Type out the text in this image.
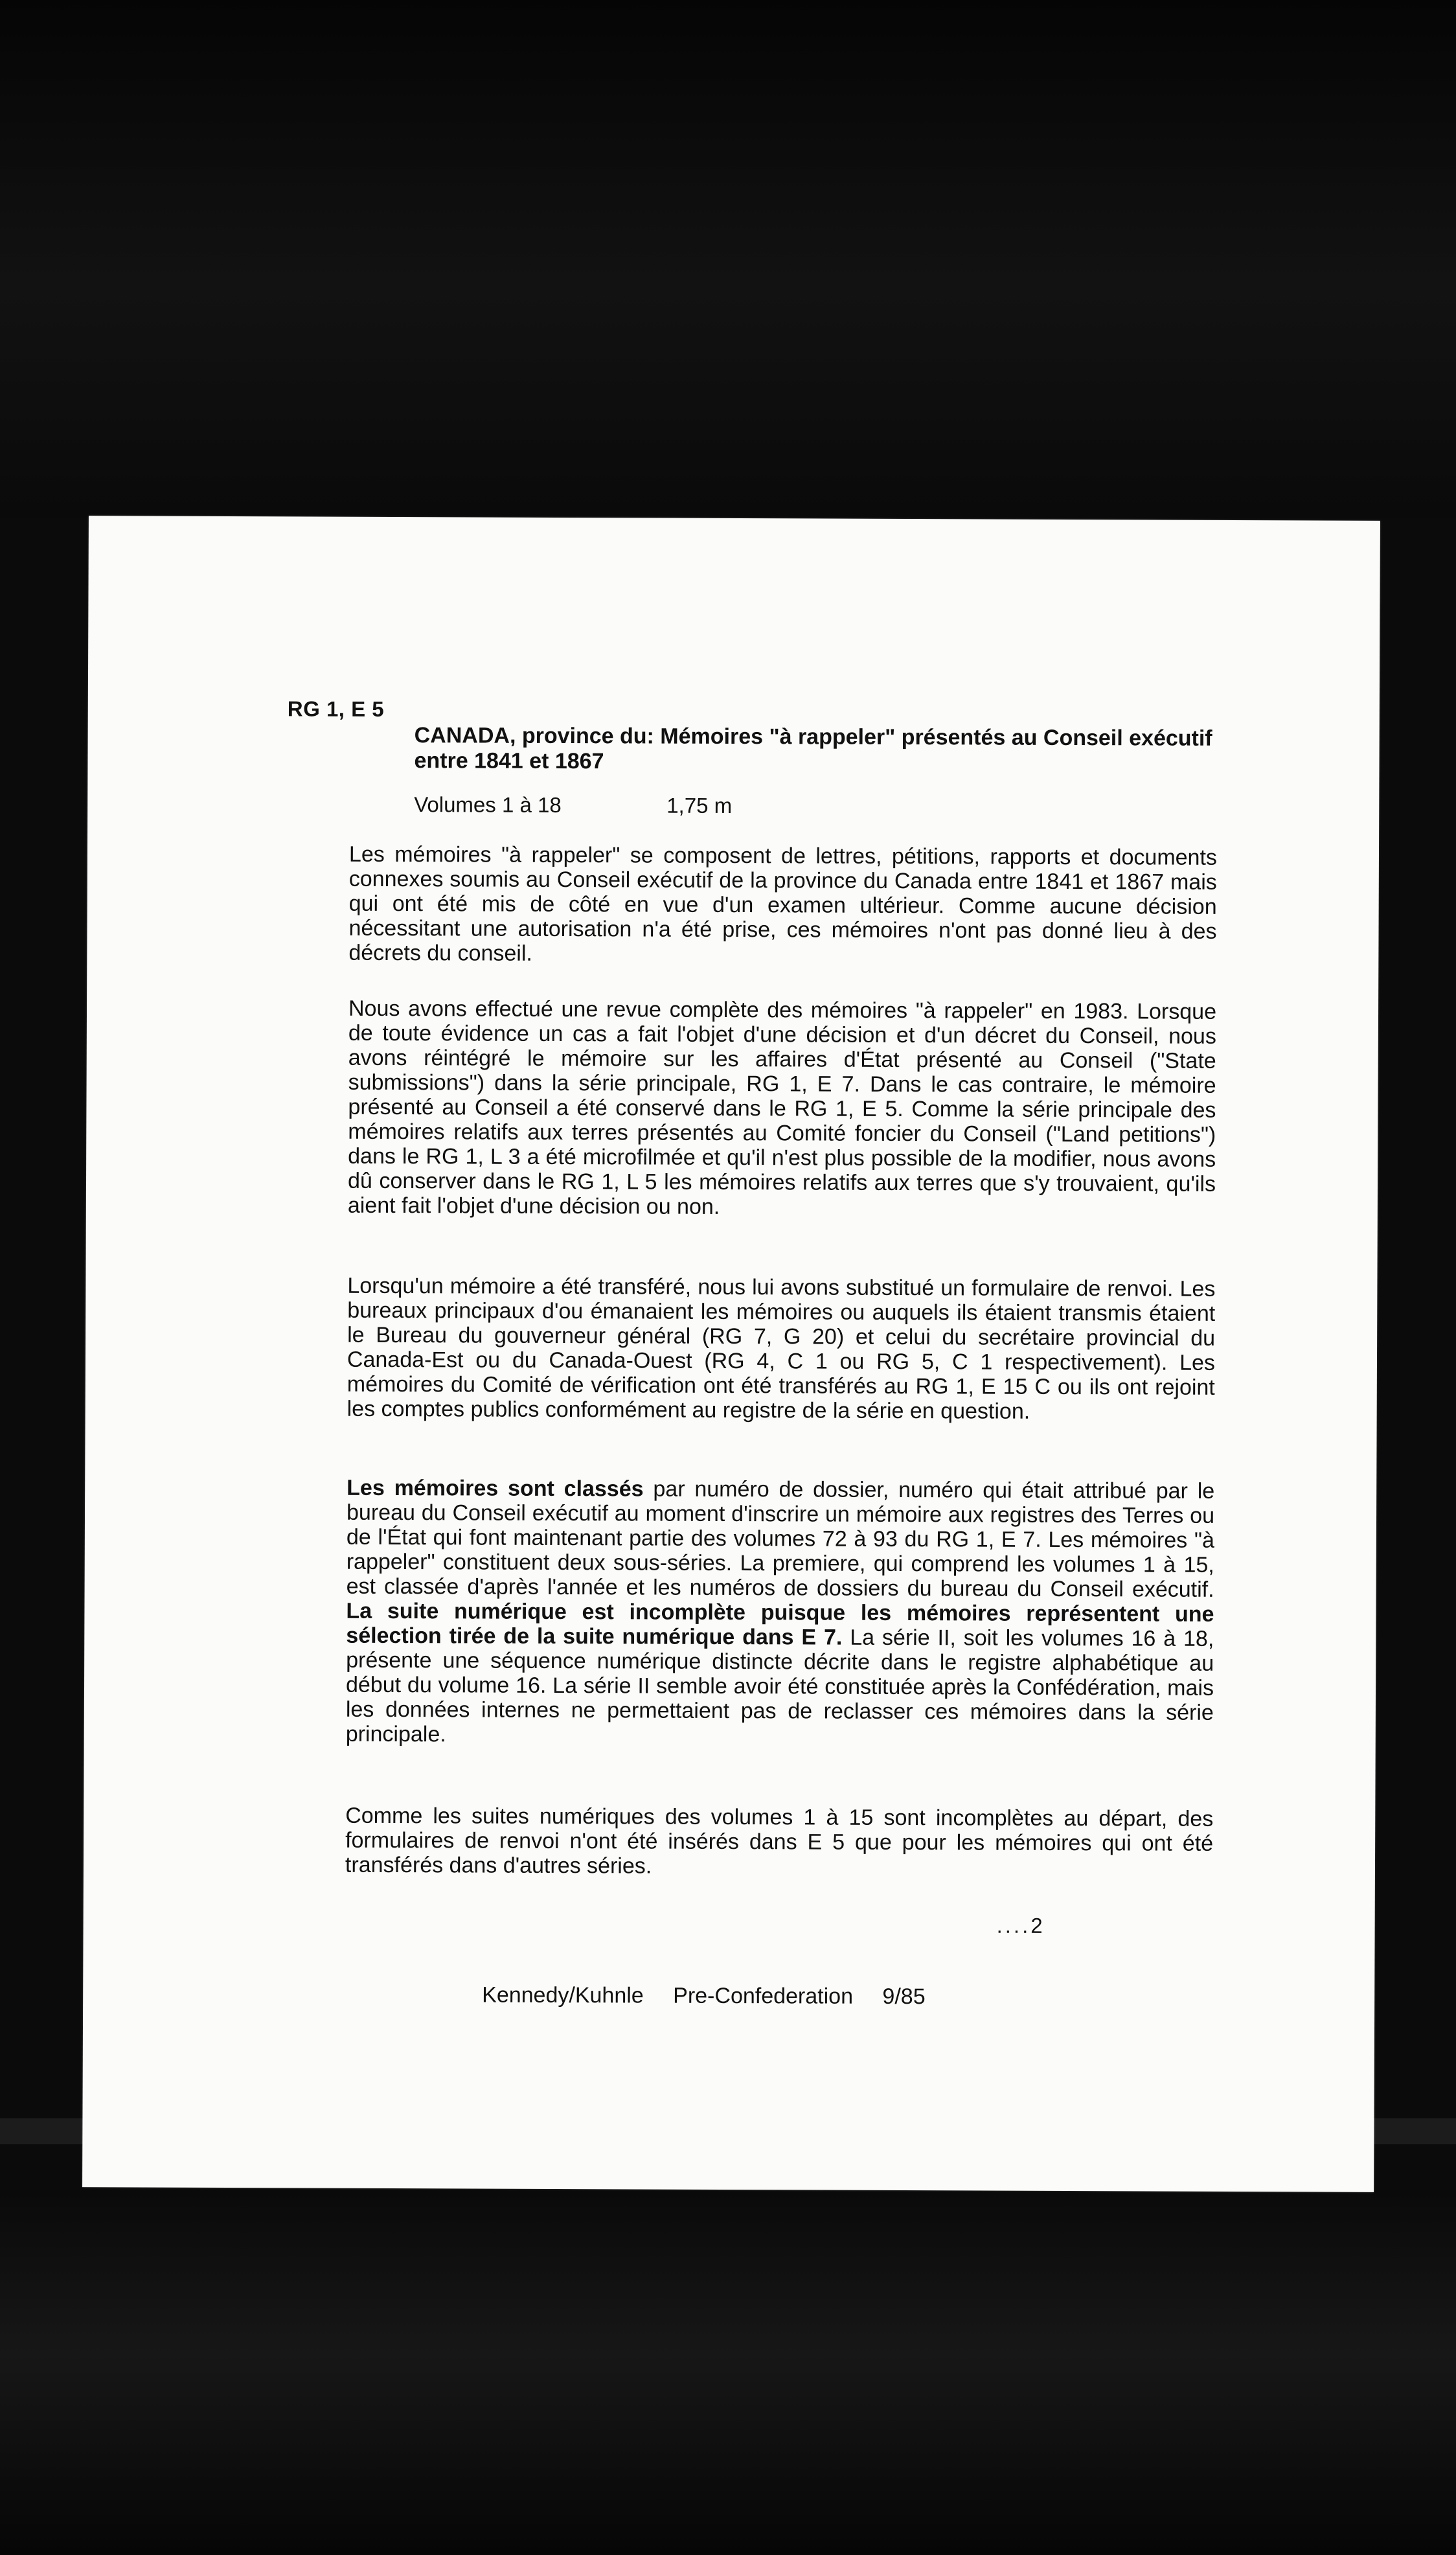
RG 1, E 5
CANADA, province du: Mémoires "à rappeler" présentés au Conseil exécutif entre 1841 et 1867
Volumes 1 à 18	1,75 m

Les mémoires "à rappeler" se composent de lettres, pétitions, rapports et documents connexes soumis au Conseil exécutif de la province du Canada entre 1841 et 1867 mais qui ont été mis de côté en vue d'un examen ultérieur. Comme aucune décision nécessitant une autorisation n'a été prise, ces mémoires n'ont pas donné lieu à des décrets du conseil.

Nous avons effectué une revue complète des mémoires "à rappeler" en 1983. Lorsque de toute évidence un cas a fait l'objet d'une décision et d'un décret du Conseil, nous avons réintégré le mémoire sur les affaires d'État présenté au Conseil ("State submissions") dans la série principale, RG 1, E 7. Dans le cas contraire, le mémoire présenté au Conseil a été conservé dans le RG 1, E 5. Comme la série principale des mémoires relatifs aux terres présentés au Comité foncier du Conseil ("Land petitions") dans le RG 1, L 3 a été microfilmée et qu'il n'est plus possible de la modifier, nous avons dû conserver dans le RG 1, L 5 les mémoires relatifs aux terres que s'y trouvaient, qu'ils aient fait l'objet d'une décision ou non.

Lorsqu'un mémoire a été transféré, nous lui avons substitué un formulaire de renvoi. Les bureaux principaux d'ou émanaient les mémoires ou auquels ils étaient transmis étaient le Bureau du gouverneur général (RG 7, G 20) et celui du secrétaire provincial du Canada-Est ou du Canada-Ouest (RG 4, C 1 ou RG 5, C 1 respectivement). Les mémoires du Comité de vérification ont été transférés au RG 1, E 15 C ou ils ont rejoint les comptes publics conformément au registre de la série en question.

Les mémoires sont classés par numéro de dossier, numéro qui était attribué par le bureau du Conseil exécutif au moment d'inscrire un mémoire aux registres des Terres ou de l'État qui font maintenant partie des volumes 72 à 93 du RG 1, E 7. Les mémoires "à rappeler" constituent deux sous-séries. La premiere, qui comprend les volumes 1 à 15, est classée d'après l'année et les numéros de dossiers du bureau du Conseil exécutif. La suite numérique est incomplète puisque les mémoires représentent une sélection tirée de la suite numérique dans E 7. La série II, soit les volumes 16 à 18, présente une séquence numérique distincte décrite dans le registre alphabétique au début du volume 16. La série II semble avoir été constituée après la Confédération, mais les données internes ne permettaient pas de reclasser ces mémoires dans la série principale.

Comme les suites numériques des volumes 1 à 15 sont incomplètes au départ, des formulaires de renvoi n'ont été insérés dans E 5 que pour les mémoires qui ont été transférés dans d'autres séries.

....2
Kennedy/Kuhnle Pre-Confederation 9/85
